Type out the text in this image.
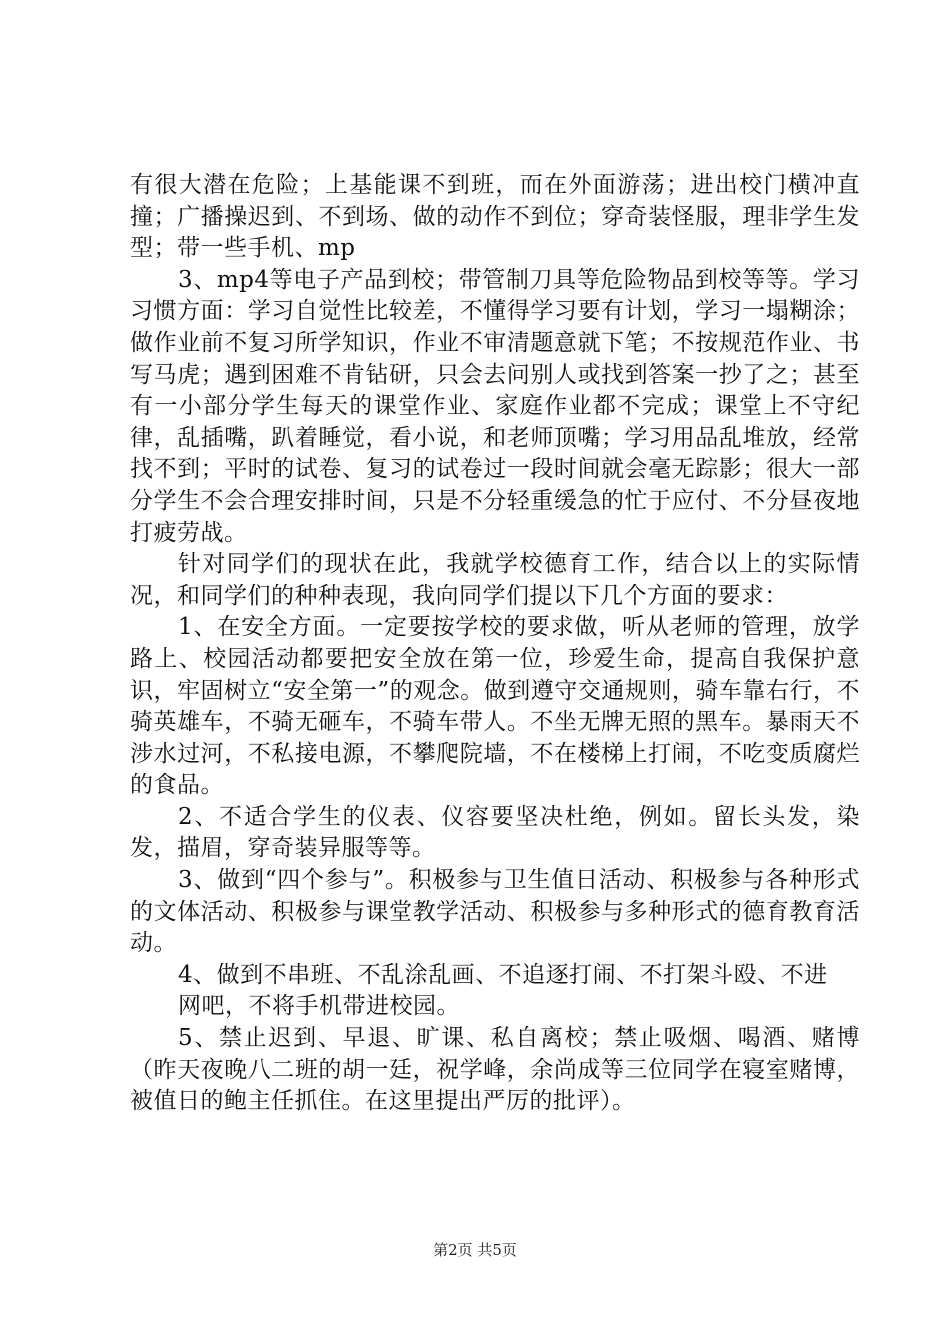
有很大潜在危险；上基能课不到班，而在外面游荡；进出校门横冲直撞；广播操迟到、不到场、做的动作不到位；穿奇装怪服，理非学生发型；带一些手机、mp

3、mp4等电子产品到校；带管制刀具等危险物品到校等等。学习习惯方面：学习自觉性比较差，不懂得学习要有计划，学习一塌糊涂；做作业前不复习所学知识，作业不审清题意就下笔；不按规范作业、书写马虎；遇到困难不肯钻研，只会去问别人或找到答案一抄了之；甚至有一小部分学生每天的课堂作业、家庭作业都不完成；课堂上不守纪律，乱插嘴，趴着睡觉，看小说，和老师顶嘴；学习用品乱堆放，经常找不到；平时的试卷、复习的试卷过一段时间就会毫无踪影；很大一部分学生不会合理安排时间，只是不分轻重缓急的忙于应付、不分昼夜地打疲劳战。

针对同学们的现状在此，我就学校德育工作，结合以上的实际情况，和同学们的种种表现，我向同学们提以下几个方面的要求：

1、在安全方面。一定要按学校的要求做，听从老师的管理，放学路上、校园活动都要把安全放在第一位，珍爱生命，提高自我保护意识，牢固树立“安全第一”的观念。做到遵守交通规则，骑车靠右行，不骑英雄车，不骑无砸车，不骑车带人。不坐无牌无照的黑车。暴雨天不涉水过河，不私接电源，不攀爬院墙，不在楼梯上打闹，不吃变质腐烂的食品。

2、不适合学生的仪表、仪容要坚决杜绝，例如。留长头发，染发，描眉，穿奇装异服等等。

3、做到“四个参与”。积极参与卫生值日活动、积极参与各种形式的文体活动、积极参与课堂教学活动、积极参与多种形式的德育教育活动。

4、做到不串班、不乱涂乱画、不追逐打闹、不打架斗殴、不进

网吧，不将手机带进校园。

5、禁止迟到、早退、旷课、私自离校；禁止吸烟、喝酒、赌博（昨天夜晚八二班的胡一廷，祝学峰，余尚成等三位同学在寝室赌博，被值日的鲍主任抓住。在这里提出严厉的批评）。

第2页 共5页
